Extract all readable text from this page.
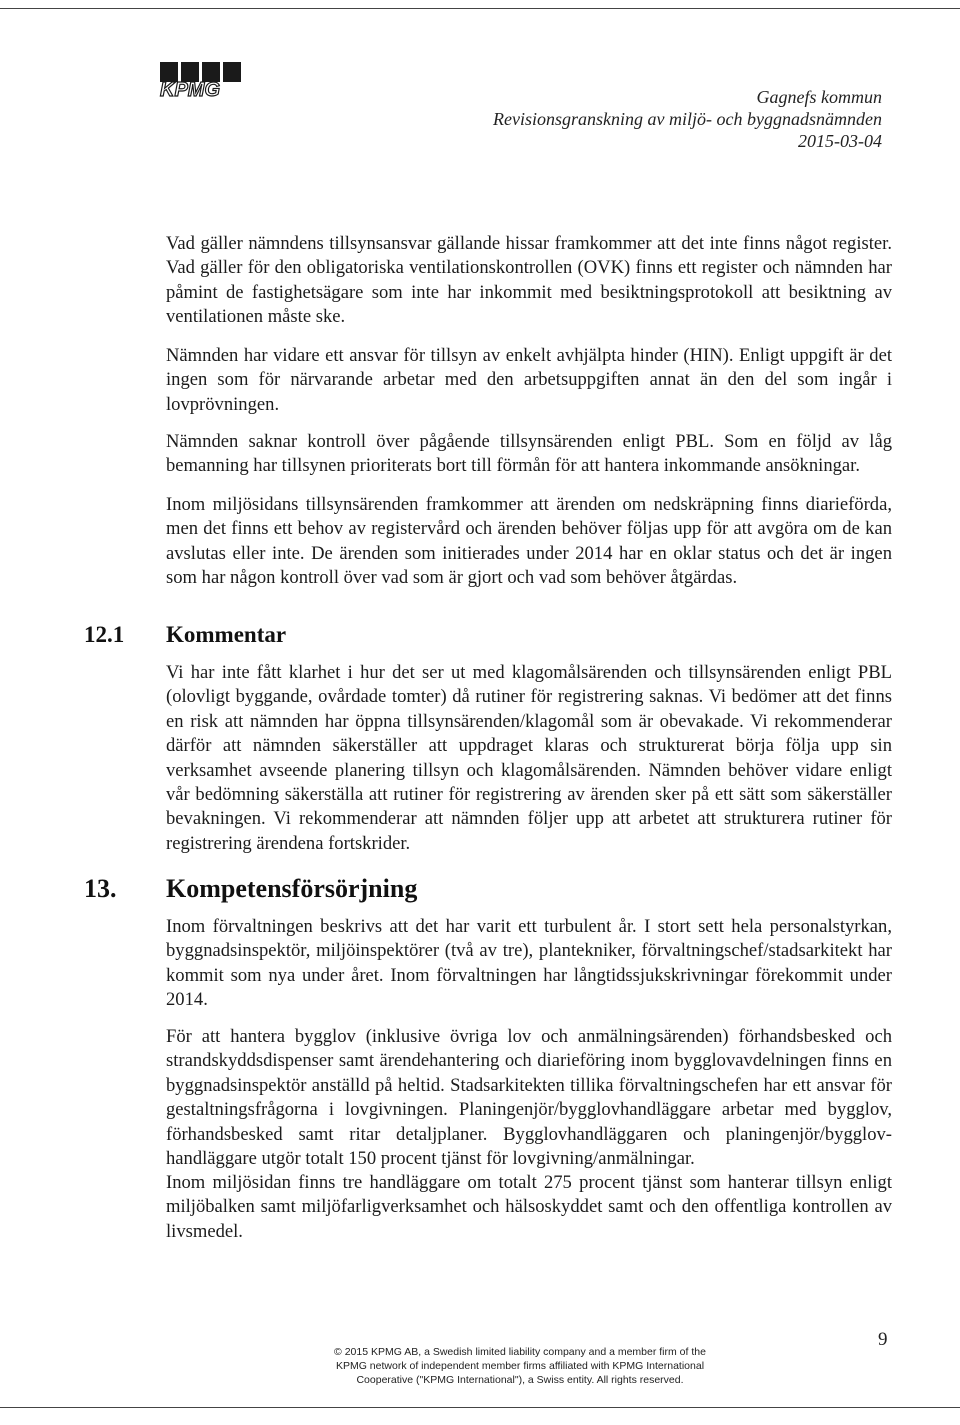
KPMG	Gagnefs kommun
Revisionsgranskning av miljö- och byggnadsnämnden
2015-03-04

Vad gäller nämndens tillsynsansvar gällande hissar framkommer att det inte finns något register. Vad gäller för den obligatoriska ventilationskontrollen (OVK) finns ett register och nämnden har påmint de fastighetsägare som inte har inkommit med besiktningsprotokoll att besiktning av ventilationen måste ske.

Nämnden har vidare ett ansvar för tillsyn av enkelt avhjälpta hinder (HIN). Enligt uppgift är det ingen som för närvarande arbetar med den arbetsuppgiften annat än den del som ingår i lovprövningen.

Nämnden saknar kontroll över pågående tillsynsärenden enligt PBL. Som en följd av låg bemanning har tillsynen prioriterats bort till förmån för att hantera inkommande ansökningar.

Inom miljösidans tillsynsärenden framkommer att ärenden om nedskräpning finns diarieförda, men det finns ett behov av registervård och ärenden behöver följas upp för att avgöra om de kan avslutas eller inte. De ärenden som initierades under 2014 har en oklar status och det är ingen som har någon kontroll över vad som är gjort och vad som behöver åtgärdas.

12.1 Kommentar

Vi har inte fått klarhet i hur det ser ut med klagomålsärenden och tillsynsärenden enligt PBL (olovligt byggande, ovårdade tomter) då rutiner för registrering saknas. Vi bedömer att det finns en risk att nämnden har öppna tillsynsärenden/klagomål som är obevakade. Vi rekommenderar därför att nämnden säkerställer att uppdraget klaras och strukturerat börja följa upp sin verksamhet avseende planering tillsyn och klagomålsärenden. Nämnden behöver vidare enligt vår bedömning säkerställa att rutiner för registrering av ärenden sker på ett sätt som säkerställer bevakningen. Vi rekommenderar att nämnden följer upp att arbetet att strukturera rutiner för registrering ärendena fortskrider.

13. Kompetensförsörjning

Inom förvaltningen beskrivs att det har varit ett turbulent år. I stort sett hela personalstyrkan, byggnadsinspektör, miljöinspektörer (två av tre), plantekniker, förvaltningschef/stadsarkitekt har kommit som nya under året. Inom förvaltningen har långtidssjukskrivningar förekommit under 2014.

För att hantera bygglov (inklusive övriga lov och anmälningsärenden) förhandsbesked och strandskyddsdispenser samt ärendehantering och diarieföring inom bygglovavdelningen finns en byggnadsinspektör anställd på heltid. Stadsarkitekten tillika förvaltningschefen har ett ansvar för gestaltningsfrågorna i lovgivningen. Planingenjör/bygglovhandläggare arbetar med bygglov, förhandsbesked samt ritar detaljplaner. Bygglovhandläggaren och planingenjör/bygglov-handläggare utgör totalt 150 procent tjänst för lovgivning/anmälningar.

Inom miljösidan finns tre handläggare om totalt 275 procent tjänst som hanterar tillsyn enligt miljöbalken samt miljöfarligverksamhet och hälsoskyddet samt och den offentliga kontrollen av livsmedel.

9
© 2015 KPMG AB, a Swedish limited liability company and a member firm of the
KPMG network of independent member firms affiliated with KPMG International
Cooperative ("KPMG International"), a Swiss entity. All rights reserved.
